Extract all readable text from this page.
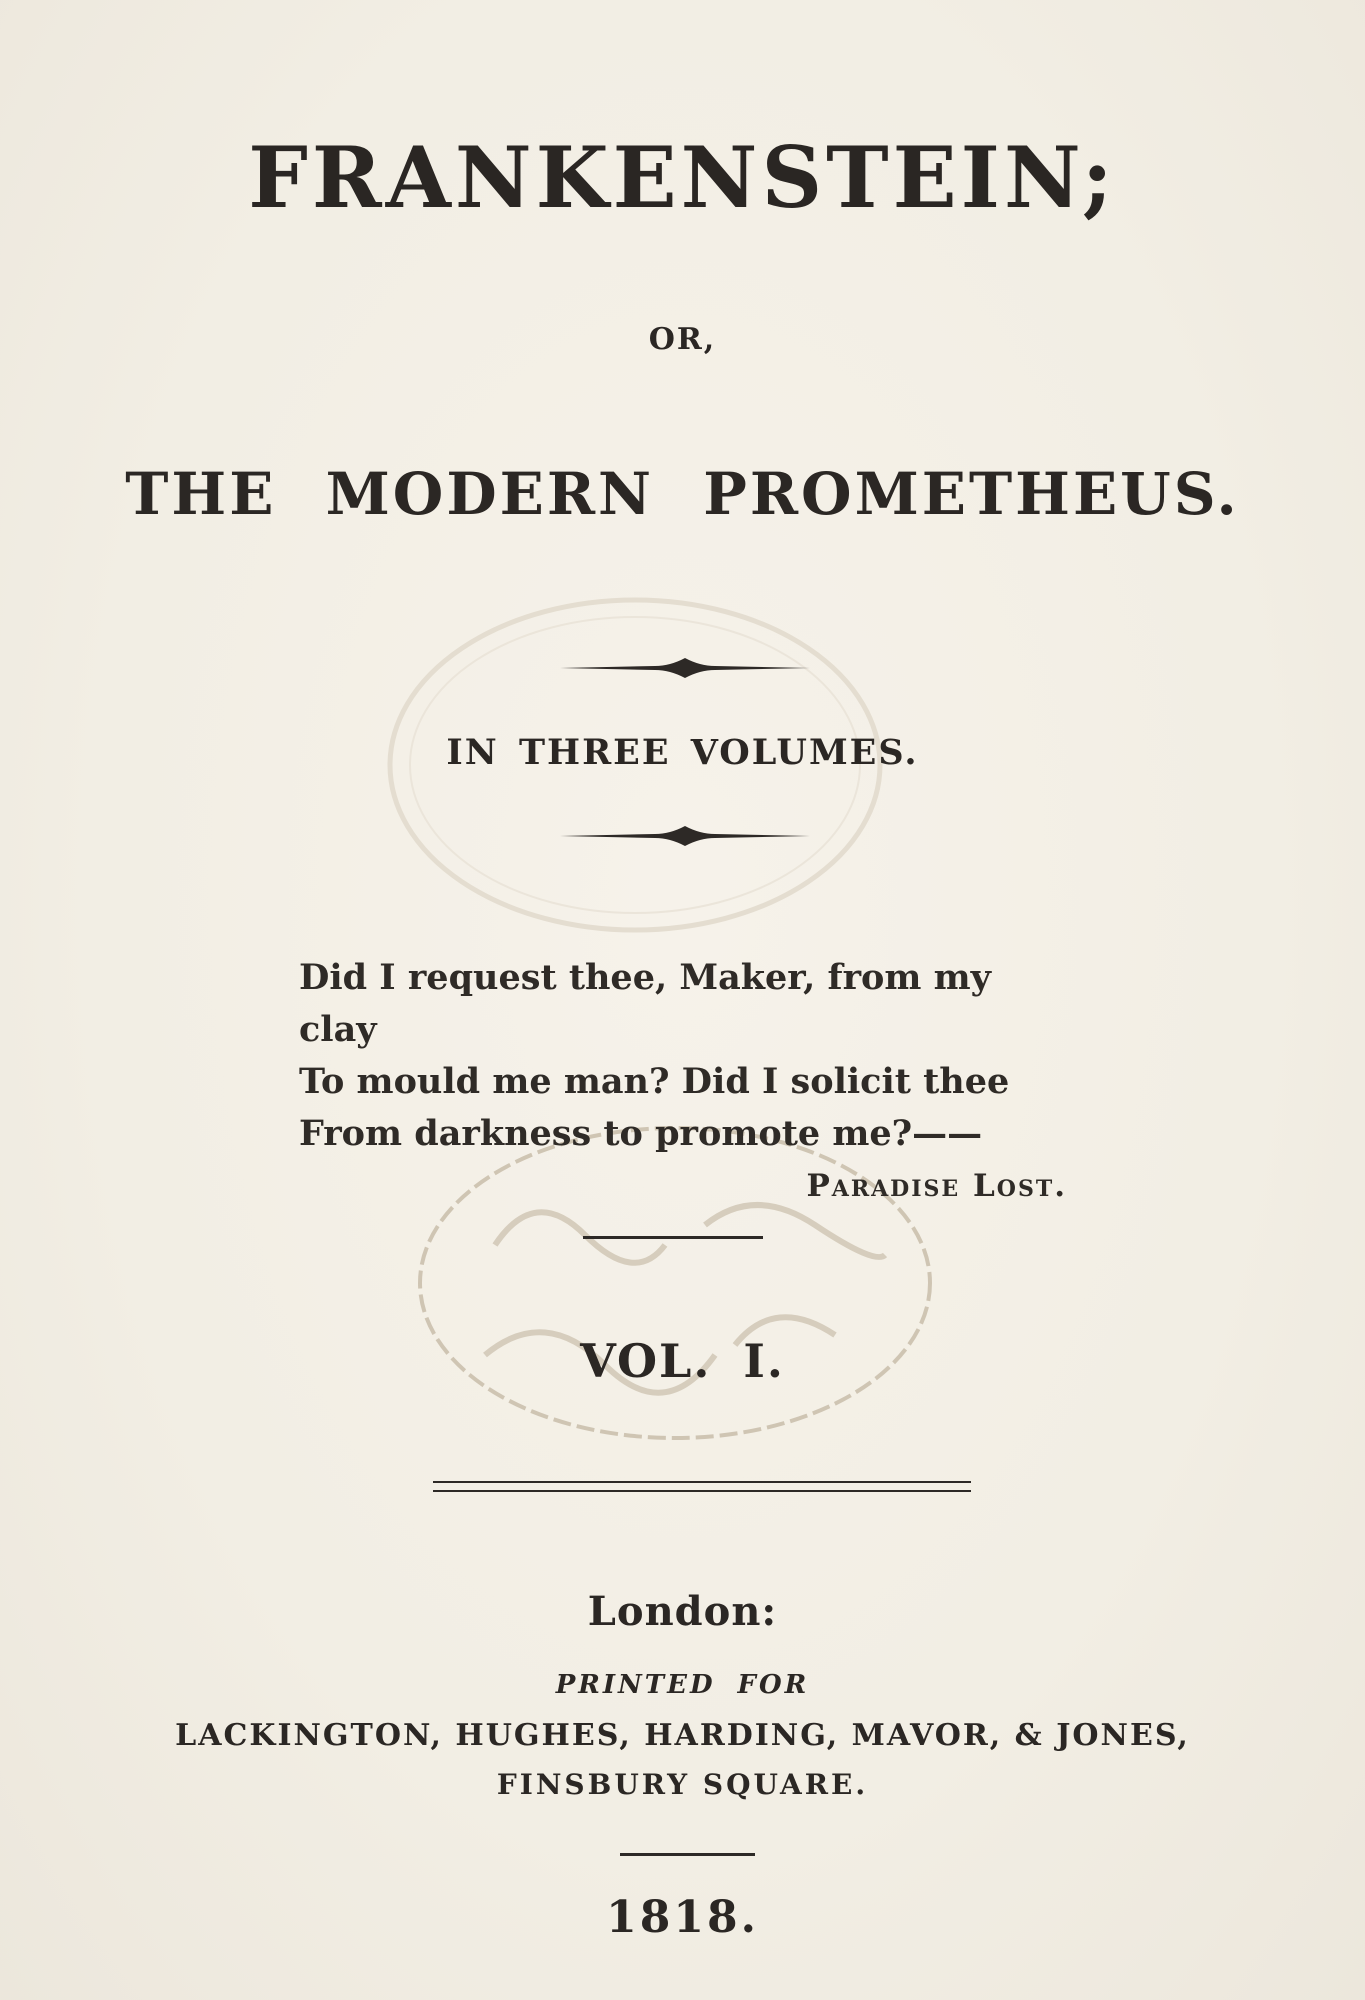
FRANKENSTEIN;
OR,
THE MODERN PROMETHEUS.
IN THREE VOLUMES.
Did I request thee, Maker, from my clay
To mould me man? Did I solicit thee
From darkness to promote me?——
Paradise Lost.
VOL. I.
London:
PRINTED FOR
LACKINGTON, HUGHES, HARDING, MAVOR, & JONES,
FINSBURY SQUARE.
1818.
